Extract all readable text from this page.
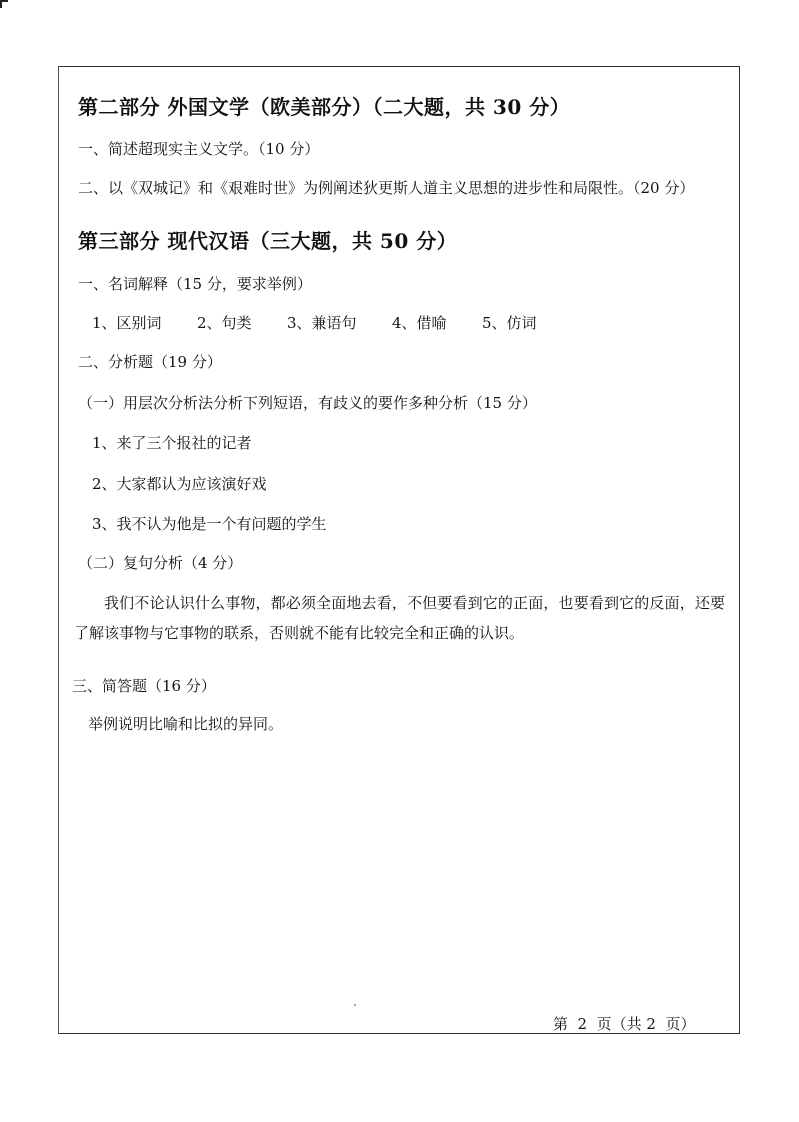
第二部分 外国文学（欧美部分）（二大题，共 30 分）
一、简述超现实主义文学。（10 分）
二、以《双城记》和《艰难时世》为例阐述狄更斯人道主义思想的进步性和局限性。（20 分）
第三部分 现代汉语（三大题，共 50 分）
一、名词解释（15 分，要求举例）
1、区别词 2、句类 3、兼语句 4、借喻 5、仿词
二、分析题（19 分）
（一）用层次分析法分析下列短语，有歧义的要作多种分析（15 分）
1、来了三个报社的记者
2、大家都认为应该演好戏
3、我不认为他是一个有问题的学生
（二）复句分析（4 分）
我们不论认识什么事物，都必须全面地去看，不但要看到它的正面，也要看到它的反面，还要了解该事物与它事物的联系，否则就不能有比较完全和正确的认识。
三、简答题（16 分）
举例说明比喻和比拟的异同。
第  2  页（共 2  页）
